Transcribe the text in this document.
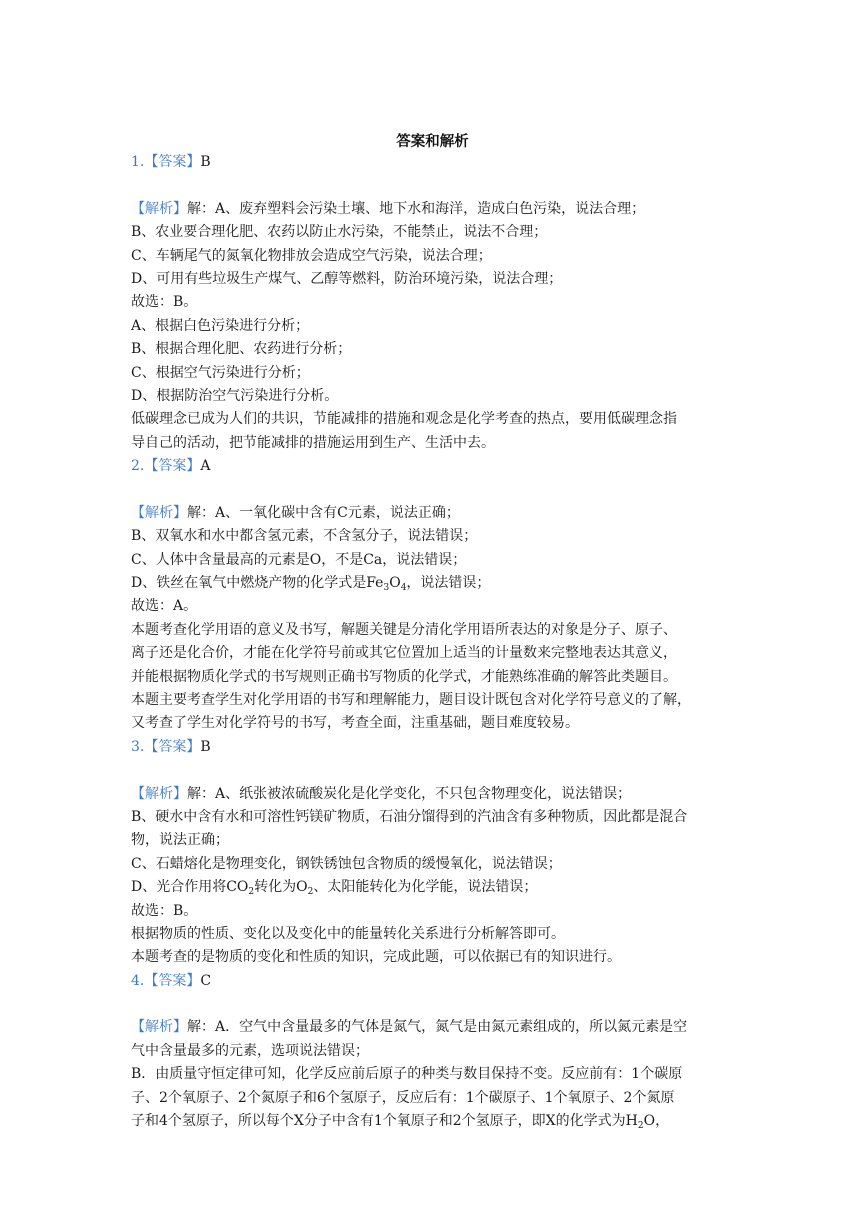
答案和解析
1.【答案】B
【解析】解：A、废弃塑料会污染土壤、地下水和海洋，造成白色污染，说法合理；
B、农业要合理化肥、农药以防止水污染，不能禁止，说法不合理；
C、车辆尾气的氮氧化物排放会造成空气污染，说法合理；
D、可用有些垃圾生产煤气、乙醇等燃料，防治环境污染，说法合理；
故选：B。
A、根据白色污染进行分析；
B、根据合理化肥、农药进行分析；
C、根据空气污染进行分析；
D、根据防治空气污染进行分析。
低碳理念已成为人们的共识，节能减排的措施和观念是化学考查的热点，要用低碳理念指
导自己的活动，把节能减排的措施运用到生产、生活中去。
2.【答案】A
【解析】解：A、一氧化碳中含有C元素，说法正确；
B、双氧水和水中都含氢元素，不含氢分子，说法错误；
C、人体中含量最高的元素是O，不是Ca，说法错误；
D、铁丝在氧气中燃烧产物的化学式是$Fe_3O_4$，说法错误；
故选：A。
本题考查化学用语的意义及书写，解题关键是分清化学用语所表达的对象是分子、原子、
离子还是化合价，才能在化学符号前或其它位置加上适当的计量数来完整地表达其意义，
并能根据物质化学式的书写规则正确书写物质的化学式，才能熟练准确的解答此类题目。
本题主要考查学生对化学用语的书写和理解能力，题目设计既包含对化学符号意义的了解，
又考查了学生对化学符号的书写，考查全面，注重基础，题目难度较易。
3.【答案】B
【解析】解：A、纸张被浓硫酸炭化是化学变化，不只包含物理变化，说法错误；
B、硬水中含有水和可溶性钙镁矿物质，石油分馏得到的汽油含有多种物质，因此都是混合
物，说法正确；
C、石蜡熔化是物理变化，钢铁锈蚀包含物质的缓慢氧化，说法错误；
D、光合作用将$CO_2$转化为$O_2$、太阳能转化为化学能，说法错误；
故选：B。
根据物质的性质、变化以及变化中的能量转化关系进行分析解答即可。
本题考查的是物质的变化和性质的知识，完成此题，可以依据已有的知识进行。
4.【答案】C
【解析】解：A．空气中含量最多的气体是氮气，氮气是由氮元素组成的，所以氮元素是空
气中含量最多的元素，选项说法错误；
B．由质量守恒定律可知，化学反应前后原子的种类与数目保持不变。反应前有：1个碳原
子、2个氧原子、2个氮原子和6个氢原子，反应后有：1个碳原子、1个氧原子、2个氮原
子和4个氢原子，所以每个X分子中含有1个氧原子和2个氢原子，即X的化学式为$H_2O$，
